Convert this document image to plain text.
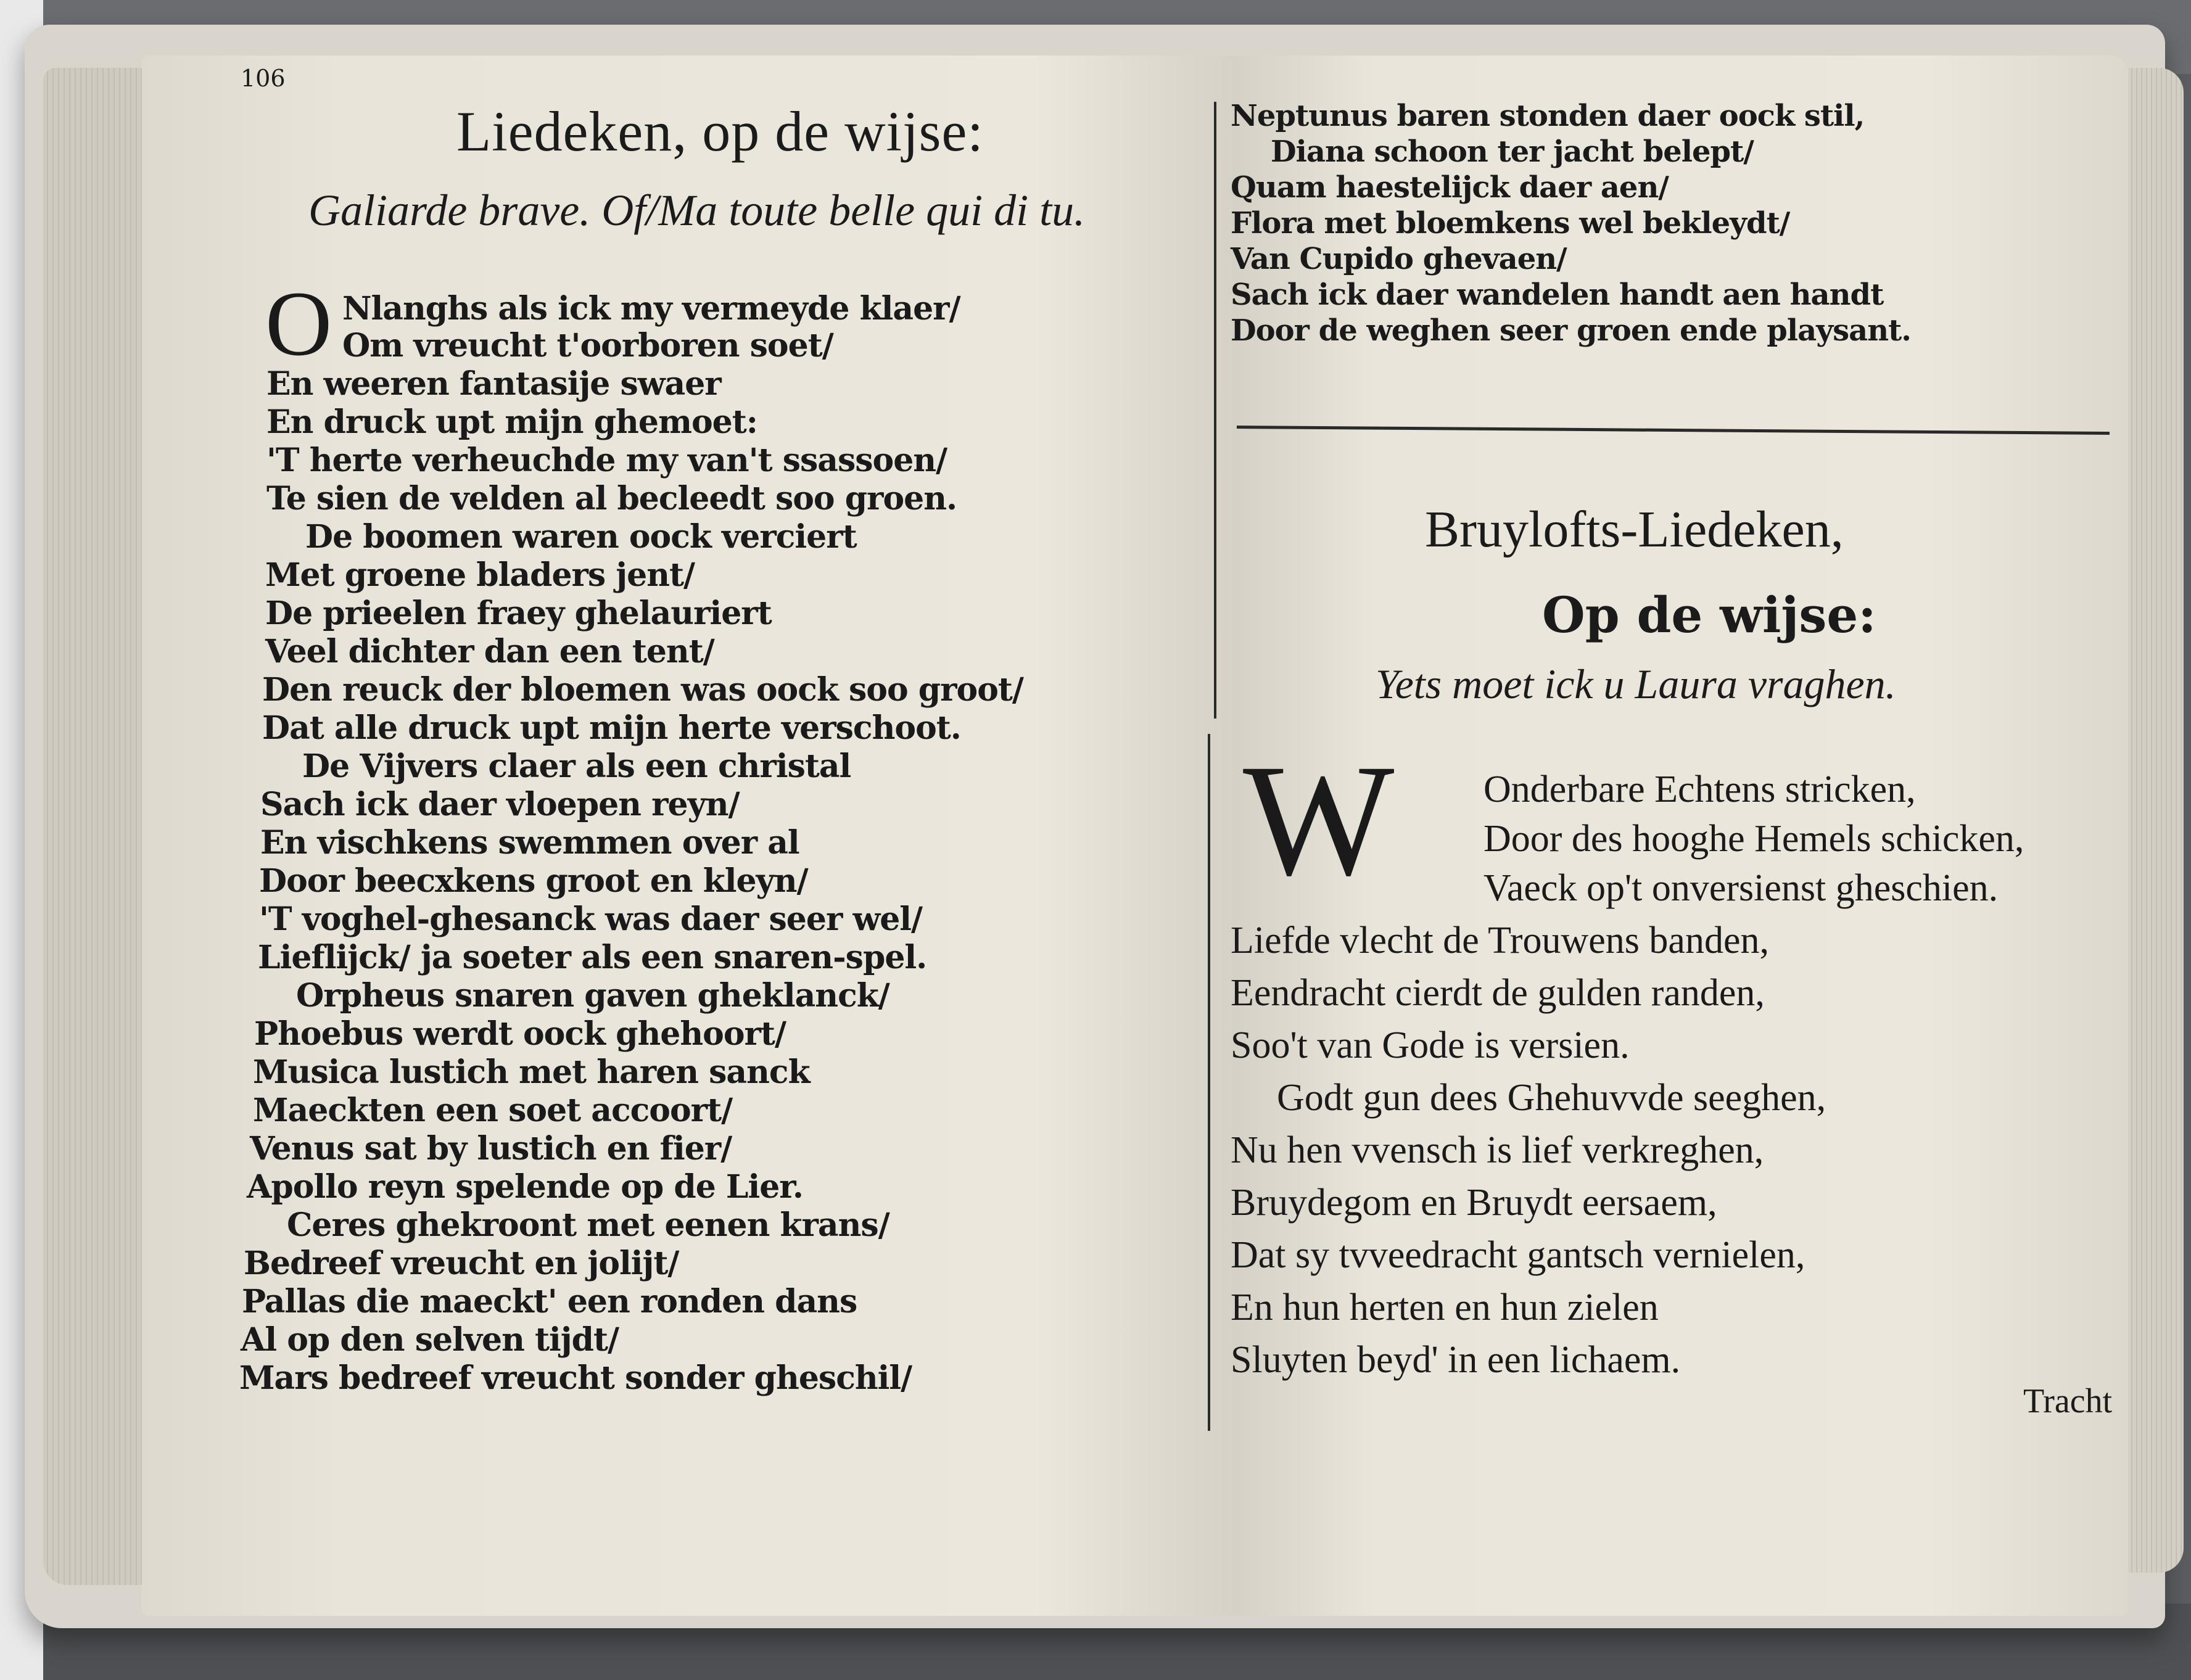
106
Liedeken, op de wijse:
Galiarde brave. Of/Ma toute belle qui di tu.
O Nlanghs als ick my vermeyde klaer/
Om vreucht t'oorboren soet/
En weeren fantasije swaer
En druck upt mijn ghemoet:
'T herte verheuchde my van't ssassoen/
Te sien de velden al becleedt soo groen.
De boomen waren oock verciert
Met groene bladers jent/
De prieelen fraey ghelauriert
Veel dichter dan een tent/
Den reuck der bloemen was oock soo groot/
Dat alle druck upt mijn herte verschoot.
De Vijvers claer als een christal
Sach ick daer vloepen reyn/
En vischkens swemmen over al
Door beecxkens groot en kleyn/
'T voghel-ghesanck was daer seer wel/
Lieflijck/ ja soeter als een snaren-spel.
Orpheus snaren gaven gheklanck/
Phoebus werdt oock ghehoort/
Musica lustich met haren sanck
Maeckten een soet accoort/
Venus sat by lustich en fier/
Apollo reyn spelende op de Lier.
Ceres ghekroont met eenen krans/
Bedreef vreucht en jolijt/
Pallas die maeckt' een ronden dans
Al op den selven tijdt/
Mars bedreef vreucht sonder gheschil/
Neptunus baren stonden daer oock stil,
Diana schoon ter jacht belept/
Quam haestelijck daer aen/
Flora met bloemkens wel bekleydt/
Van Cupido ghevaen/
Sach ick daer wandelen handt aen handt
Door de weghen seer groen ende playsant.
Bruylofts-Liedeken,
Op de wijse:
Yets moet ick u Laura vraghen.
W Onderbare Echtens stricken,
Door des hooghe Hemels schicken,
Vaeck op't onversienst gheschien.
Liefde vlecht de Trouwens banden,
Eendracht cierdt de gulden randen,
Soo't van Gode is versien.
Godt gun dees Ghehuvvde seeghen,
Nu hen vvensch is lief verkreghen,
Bruydegom en Bruydt eersaem,
Dat sy tvveedracht gantsch vernielen,
En hun herten en hun zielen
Sluyten beyd' in een lichaem.
Tracht
